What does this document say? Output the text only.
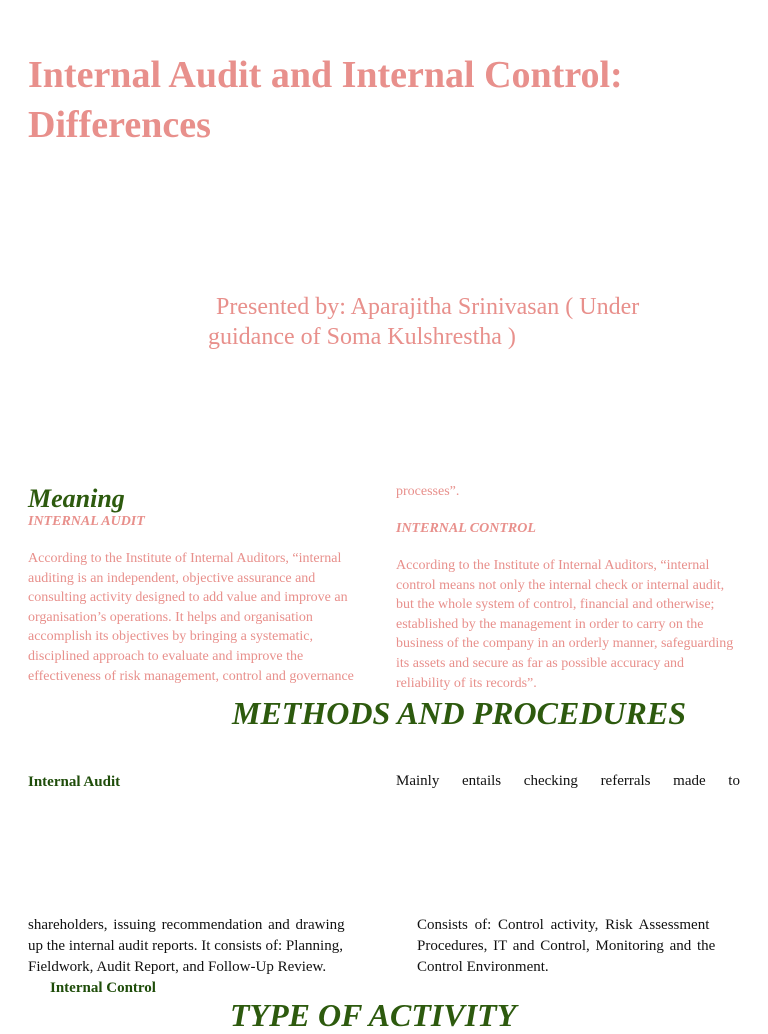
Internal Audit and Internal Control:
Differences
Presented by: Aparajitha Srinivasan ( Under
guidance of Soma Kulshrestha )
Meaning
INTERNAL AUDIT
According to the Institute of Internal Auditors, “internal
auditing is an independent, objective assurance and
consulting activity designed to add value and improve an
organisation’s operations. It helps and organisation
accomplish its objectives by bringing a systematic,
disciplined approach to evaluate and improve the
effectiveness of risk management, control and governance
processes”.
INTERNAL CONTROL
According to the Institute of Internal Auditors, “internal
control means not only the internal check or internal audit,
but the whole system of control, financial and otherwise;
established by the management in order to carry on the
business of the company in an orderly manner, safeguarding
its assets and secure as far as possible accuracy and
reliability of its records”.
METHODS AND PROCEDURES
Internal Audit	Mainly entails checking referrals made to
shareholders, issuing recommendation and drawing
up the internal audit reports. It consists of: Planning,
Fieldwork, Audit Report, and Follow-Up Review.
Consists of: Control activity, Risk Assessment
Procedures, IT and Control, Monitoring and the
Control Environment.
Internal Control
TYPE OF ACTIVITY
